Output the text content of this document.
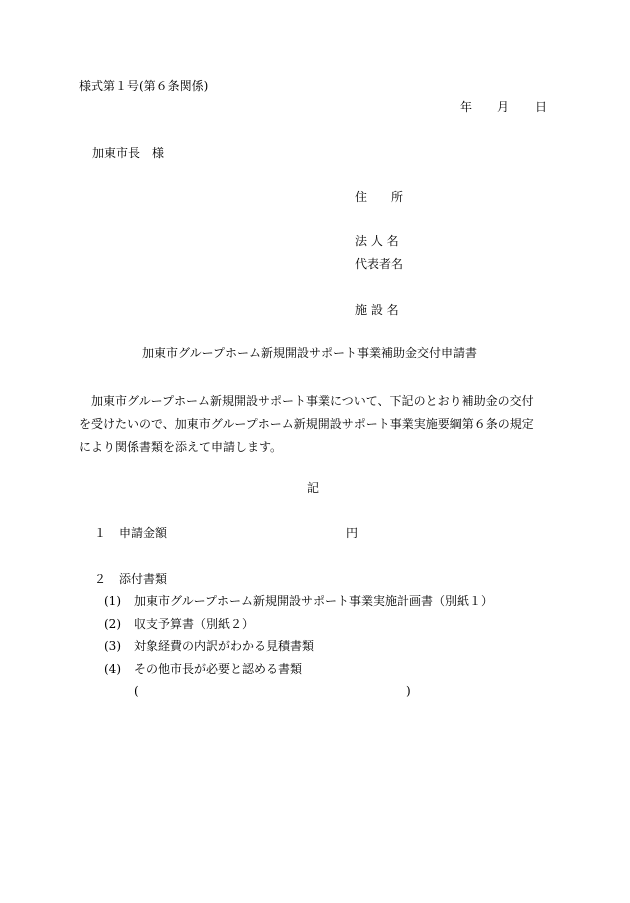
様式第１号(第６条関係)
年 月 日
加東市長　様
住　　所
法 人 名
代表者名
施 設 名
加東市グループホーム新規開設サポート事業補助金交付申請書
　加東市グループホーム新規開設サポート事業について、下記のとおり補助金の交付
を受けたいので、加東市グループホーム新規開設サポート事業実施要綱第６条の規定
により関係書類を添えて申請します。
記
１ 申請金額	円
２ 添付書類
(1) 加東市グループホーム新規開設サポート事業実施計画書（別紙１）
(2) 収支予算書（別紙２）
(3) 対象経費の内訳がわかる見積書類
(4) その他市長が必要と認める書類
(	)
